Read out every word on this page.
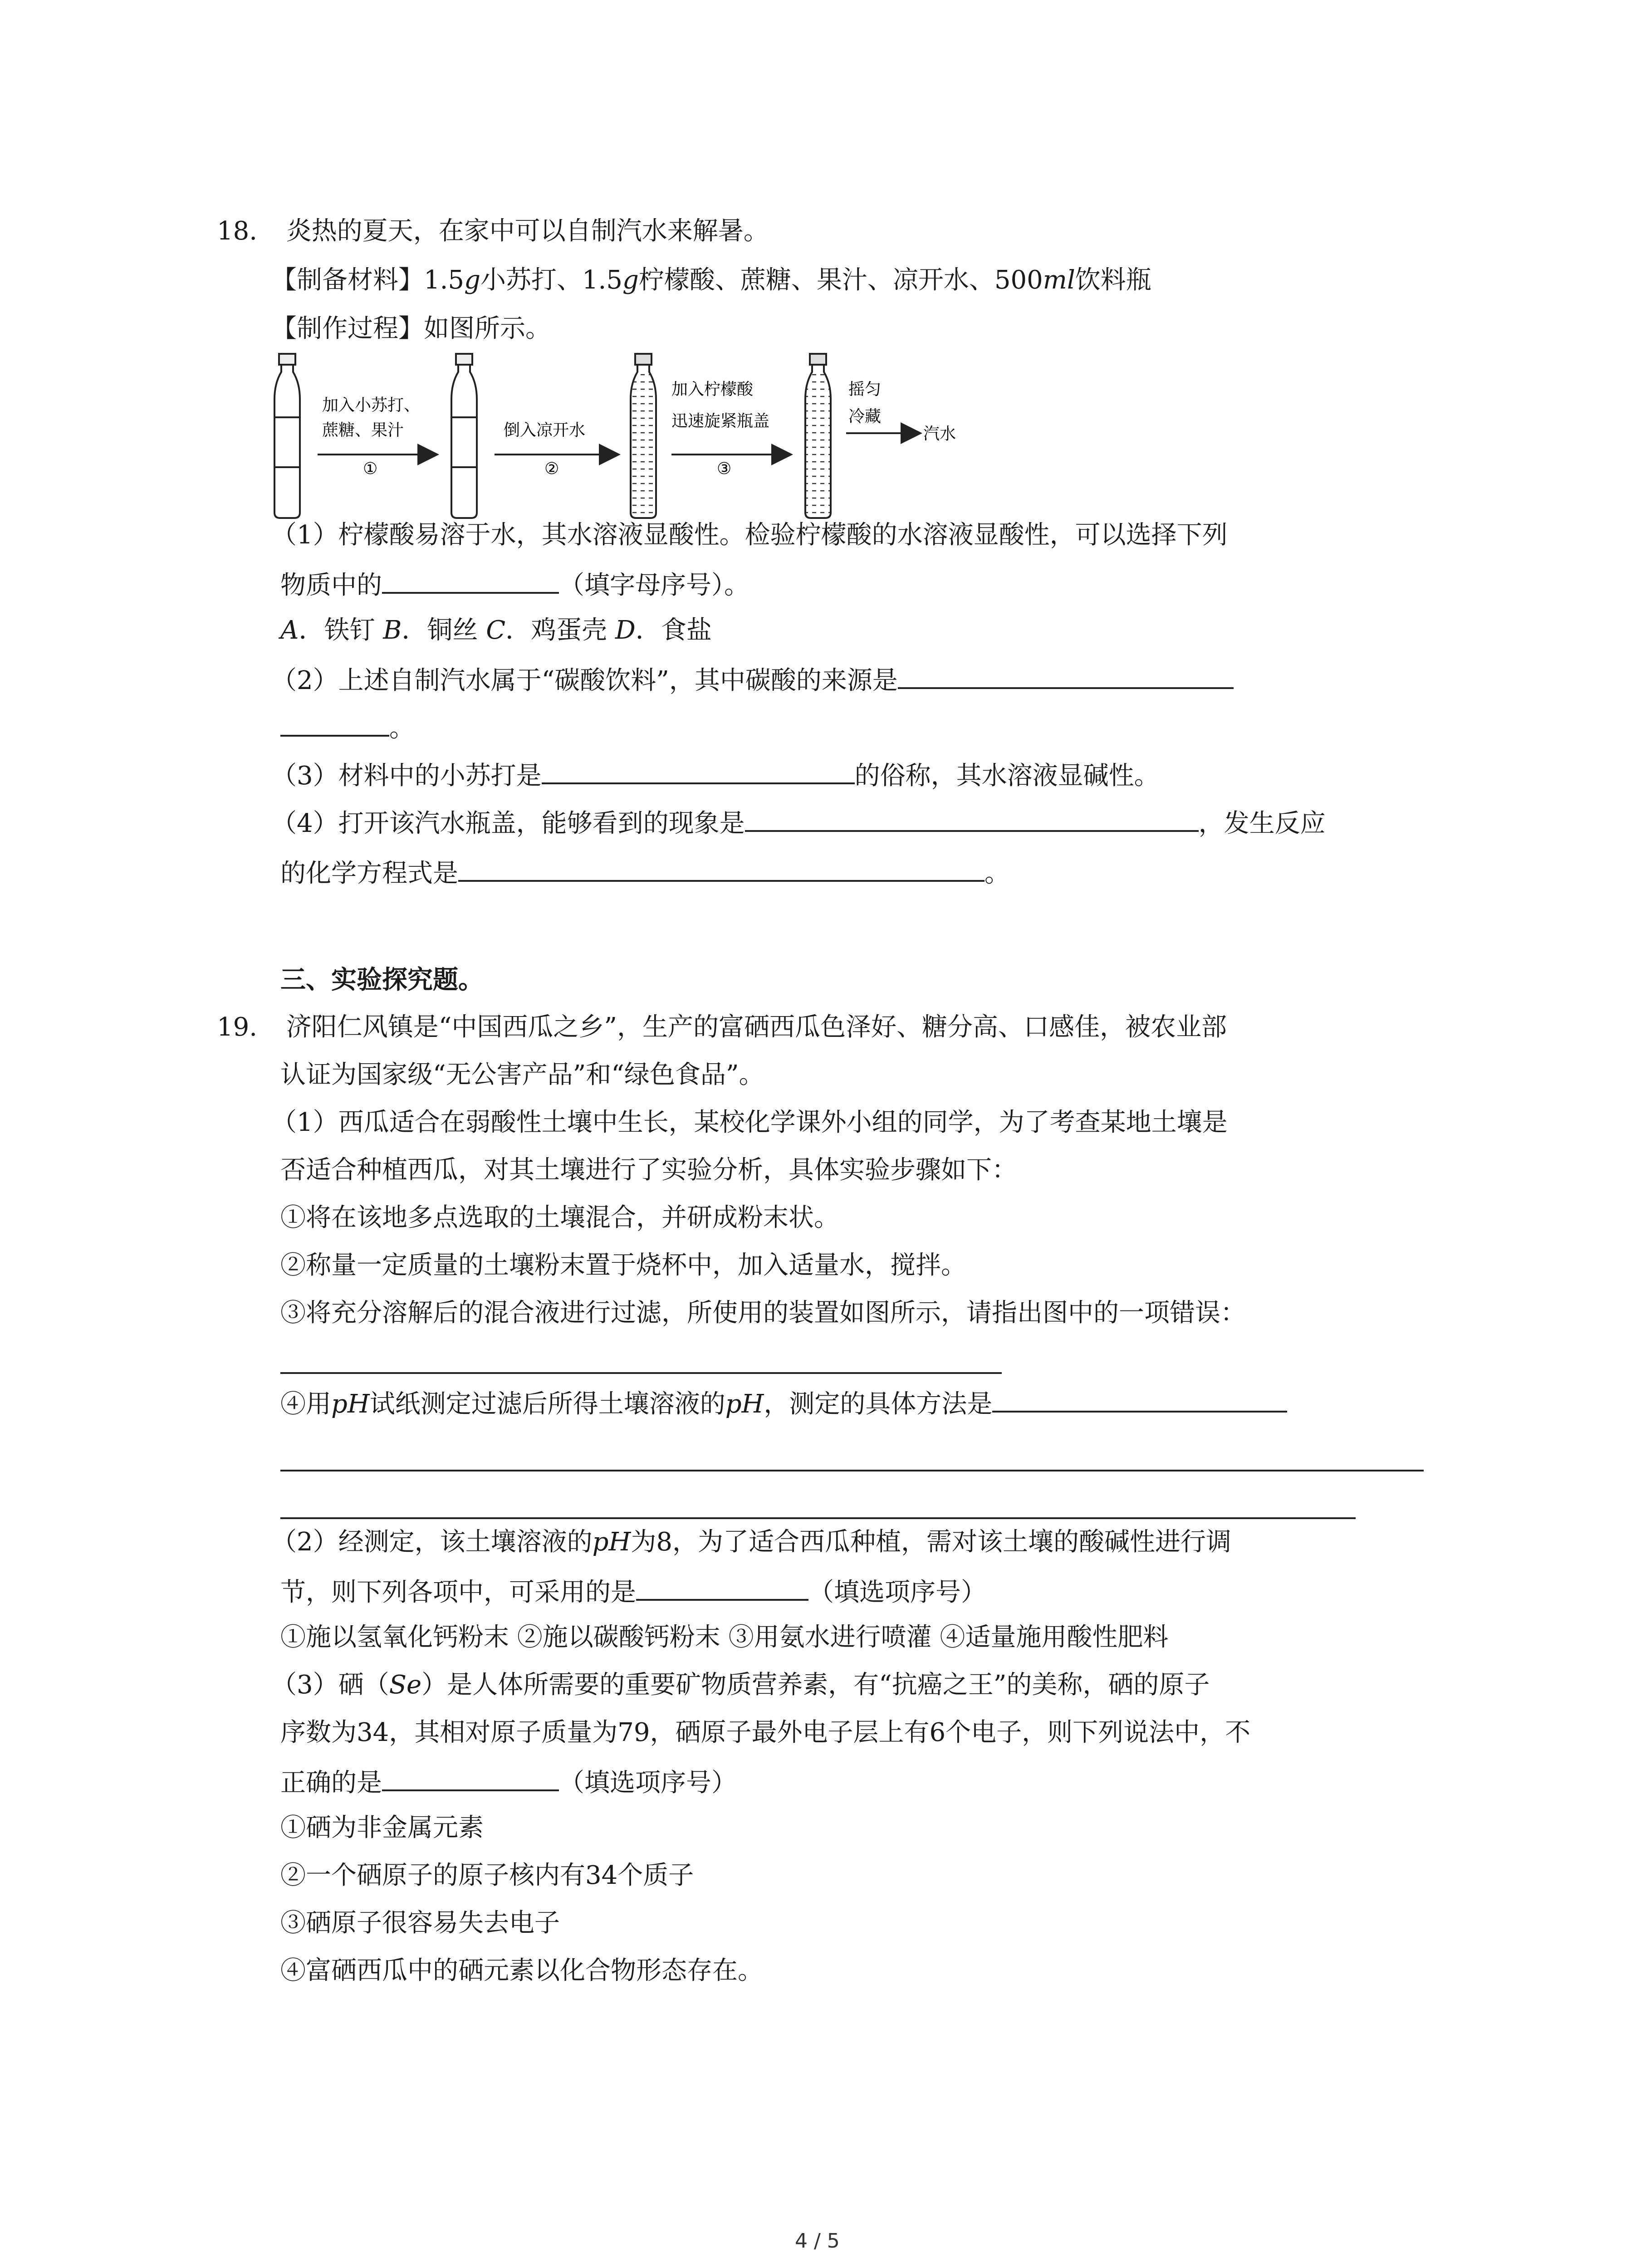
18. 炎热的夏天，在家中可以自制汽水来解暑。
【制备材料】1.5g小苏打、1.5g柠檬酸、蔗糖、果汁、凉开水、500ml饮料瓶
【制作过程】如图所示。
加入小苏打、
蔗糖、果汁
①
倒入凉开水
②
加入柠檬酸
迅速旋紧瓶盖
③
摇匀
冷藏
汽水
（1）柠檬酸易溶于水，其水溶液显酸性。检验柠檬酸的水溶液显酸性，可以选择下列
物质中的	（填字母序号）。
A．铁钉 B．铜丝 C．鸡蛋壳 D．食盐
（2）上述自制汽水属于“碳酸饮料”，其中碳酸的来源是
。
（3）材料中的小苏打是	的俗称，其水溶液显碱性。
（4）打开该汽水瓶盖，能够看到的现象是	，发生反应
的化学方程式是	。
三、实验探究题。
19. 济阳仁风镇是“中国西瓜之乡”，生产的富硒西瓜色泽好、糖分高、口感佳，被农业部
认证为国家级“无公害产品”和“绿色食品”。
（1）西瓜适合在弱酸性土壤中生长，某校化学课外小组的同学，为了考查某地土壤是
否适合种植西瓜，对其土壤进行了实验分析，具体实验步骤如下：
①将在该地多点选取的土壤混合，并研成粉末状。
②称量一定质量的土壤粉末置于烧杯中，加入适量水，搅拌。
③将充分溶解后的混合液进行过滤，所使用的装置如图所示，请指出图中的一项错误：
④用pH试纸测定过滤后所得土壤溶液的pH，测定的具体方法是
（2）经测定，该土壤溶液的pH为8，为了适合西瓜种植，需对该土壤的酸碱性进行调
节，则下列各项中，可采用的是	（填选项序号）
①施以氢氧化钙粉末 ②施以碳酸钙粉末 ③用氨水进行喷灌 ④适量施用酸性肥料
（3）硒（Se）是人体所需要的重要矿物质营养素，有“抗癌之王”的美称，硒的原子
序数为34，其相对原子质量为79，硒原子最外电子层上有6个电子，则下列说法中，不
正确的是	（填选项序号）
①硒为非金属元素
②一个硒原子的原子核内有34个质子
③硒原子很容易失去电子
④富硒西瓜中的硒元素以化合物形态存在。
4 / 5
